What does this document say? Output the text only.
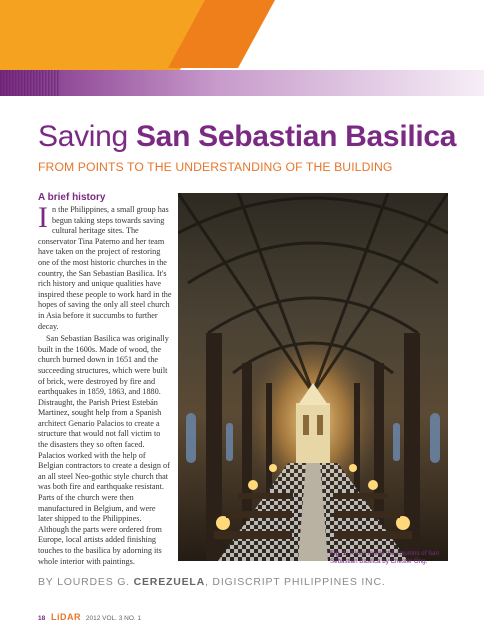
Saving San Sebastian Basilica
FROM POINTS TO THE UNDERSTANDING OF THE BUILDING
A brief history

In the Philippines, a small group has begun taking steps towards saving cultural heritage sites. The conservator Tina Paterno and her team have taken on the project of restoring one of the most historic churches in the country, the San Sebastian Basilica. It's rich history and unique qualities have inspired these people to work hard in the hopes of saving the only all steel church in Asia before it succumbs to further decay.

San Sebastian Basilica was originally built in the 1600s. Made of wood, the church burned down in 1651 and the succeeding structures, which were built of brick, were destroyed by fire and earthquakes in 1859, 1863, and 1880. Distraught, the Parish Priest Estebán Martinez, sought help from a Spanish architect Genario Palacios to create a structure that would not fall victim to the disasters they so often faced. Palacios worked with the help of Belgian contractors to create a design of an all steel Neo-gothic style church that was both fire and earthquake resistant. Parts of the church were then manufactured in Belgium, and were later shipped to the Philippines. Although the parts were ordered from Europe, local artists added finishing touches to the basilica by adorning its whole interior with paintings.

Fig. 1: A look inside the columns of San Sebastian Basilica by Chester Ong.
BY LOURDES G. CEREZUELA, DIGISCRIPT PHILIPPINES INC.
18 LiDAR 2012 VOL. 3 NO. 1
